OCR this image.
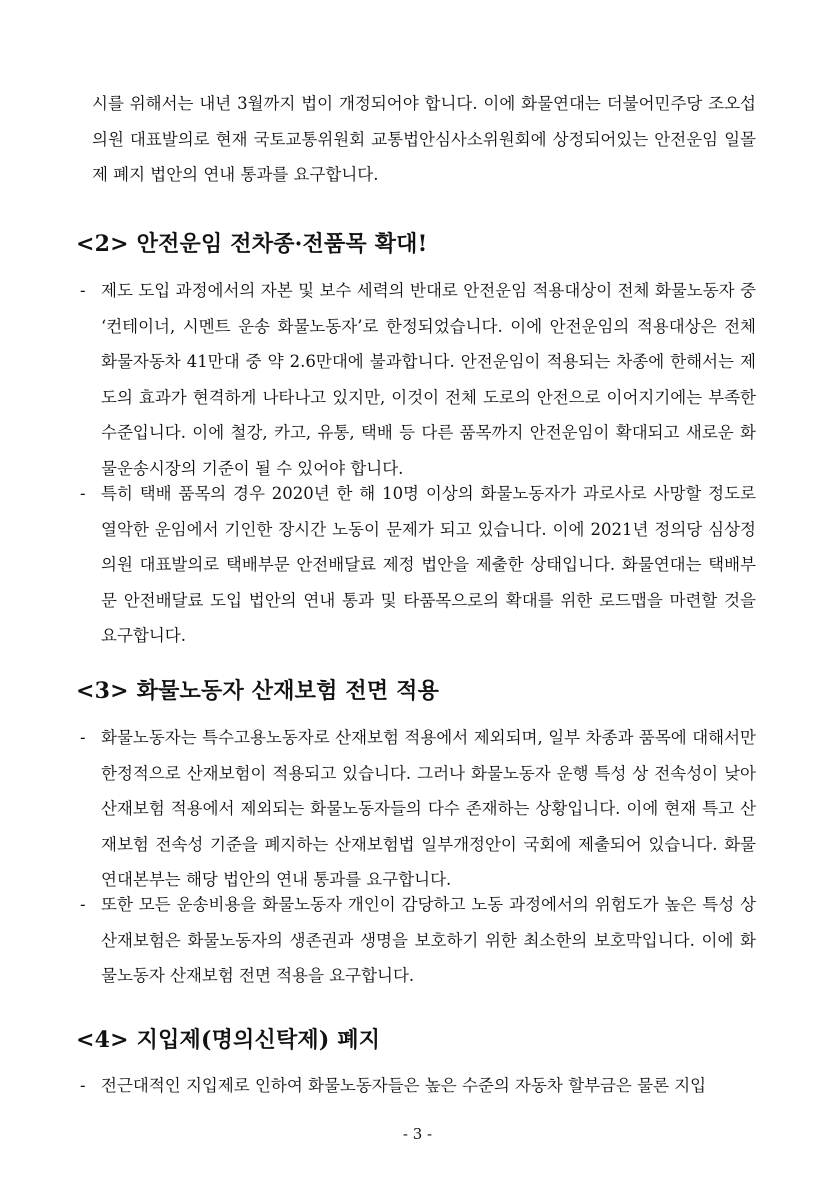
시를 위해서는 내년 3월까지 법이 개정되어야 합니다. 이에 화물연대는 더불어민주당 조오섭의원 대표발의로 현재 국토교통위원회 교통법안심사소위원회에 상정되어있는 안전운임 일몰제 폐지 법안의 연내 통과를 요구합니다.
<2> 안전운임 전차종·전품목 확대!
- 제도 도입 과정에서의 자본 및 보수 세력의 반대로 안전운임 적용대상이 전체 화물노동자 중 ‘컨테이너, 시멘트 운송 화물노동자’로 한정되었습니다. 이에 안전운임의 적용대상은 전체 화물자동차 41만대 중 약 2.6만대에 불과합니다. 안전운임이 적용되는 차종에 한해서는 제도의 효과가 현격하게 나타나고 있지만, 이것이 전체 도로의 안전으로 이어지기에는 부족한 수준입니다. 이에 철강, 카고, 유통, 택배 등 다른 품목까지 안전운임이 확대되고 새로운 화물운송시장의 기준이 될 수 있어야 합니다.
- 특히 택배 품목의 경우 2020년 한 해 10명 이상의 화물노동자가 과로사로 사망할 정도로 열악한 운임에서 기인한 장시간 노동이 문제가 되고 있습니다. 이에 2021년 정의당 심상정의원 대표발의로 택배부문 안전배달료 제정 법안을 제출한 상태입니다. 화물연대는 택배부문 안전배달료 도입 법안의 연내 통과 및 타품목으로의 확대를 위한 로드맵을 마련할 것을 요구합니다.
<3> 화물노동자 산재보험 전면 적용
- 화물노동자는 특수고용노동자로 산재보험 적용에서 제외되며, 일부 차종과 품목에 대해서만 한정적으로 산재보험이 적용되고 있습니다. 그러나 화물노동자 운행 특성 상 전속성이 낮아 산재보험 적용에서 제외되는 화물노동자들의 다수 존재하는 상황입니다. 이에 현재 특고 산재보험 전속성 기준을 폐지하는 산재보험법 일부개정안이 국회에 제출되어 있습니다. 화물연대본부는 해당 법안의 연내 통과를 요구합니다.
- 또한 모든 운송비용을 화물노동자 개인이 감당하고 노동 과정에서의 위험도가 높은 특성 상 산재보험은 화물노동자의 생존권과 생명을 보호하기 위한 최소한의 보호막입니다. 이에 화물노동자 산재보험 전면 적용을 요구합니다.
<4> 지입제(명의신탁제) 폐지
- 전근대적인 지입제로 인하여 화물노동자들은 높은 수준의 자동차 할부금은 물론 지입
- 3 -
